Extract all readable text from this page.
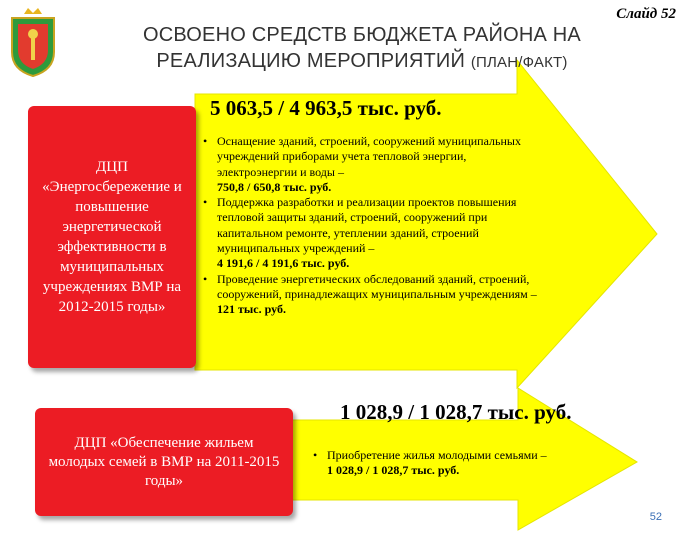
Слайд 52
ОСВОЕНО СРЕДСТВ БЮДЖЕТА РАЙОНА НА
РЕАЛИЗАЦИЮ МЕРОПРИЯТИЙ (ПЛАН/ФАКТ)
5 063,5 / 4 963,5 тыс. руб.
ДЦП «Энергосбережение и повышение энергетической эффективности в муниципальных учреждениях ВМР на 2012-2015 годы»
• Оснащение зданий, строений, сооружений муниципальных учреждений приборами учета тепловой энергии, электроэнергии и воды –
750,8 / 650,8 тыс. руб.
• Поддержка разработки и реализации проектов повышения тепловой защиты зданий, строений, сооружений при капитальном ремонте, утеплении зданий, строений муниципальных учреждений –
4 191,6 / 4 191,6 тыс. руб.
• Проведение энергетических обследований зданий, строений, сооружений, принадлежащих муниципальным учреждениям – 121 тыс. руб.
1 028,9 / 1 028,7 тыс. руб.
ДЦП «Обеспечение жильем молодых семей в ВМР на 2011-2015 годы»
• Приобретение жилья молодыми семьями –
1 028,9 / 1 028,7 тыс. руб.
52
